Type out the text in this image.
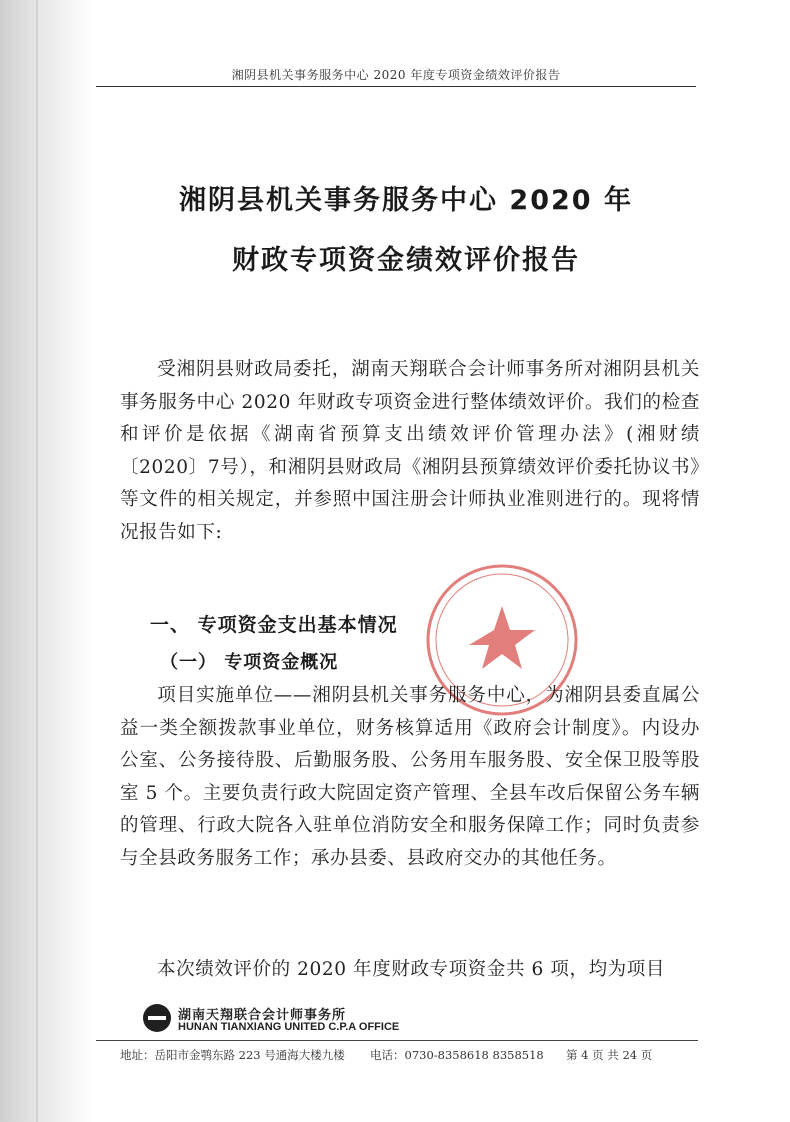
湘阴县机关事务服务中心 2020 年度专项资金绩效评价报告
湘阴县机关事务服务中心 2020 年
财政专项资金绩效评价报告
受湘阴县财政局委托，湖南天翔联合会计师事务所对湘阴县机关事务服务中心 2020 年财政专项资金进行整体绩效评价。我们的检查和评价是依据《湖南省预算支出绩效评价管理办法》(湘财绩〔2020〕7号），和湘阴县财政局《湘阴县预算绩效评价委托协议书》等文件的相关规定，并参照中国注册会计师执业准则进行的。现将情况报告如下:
一、 专项资金支出基本情况
（一） 专项资金概况
项目实施单位——湘阴县机关事务服务中心，为湘阴县委直属公益一类全额拨款事业单位，财务核算适用《政府会计制度》。内设办公室、公务接待股、后勤服务股、公务用车服务股、安全保卫股等股室 5 个。主要负责行政大院固定资产管理、全县车改后保留公务车辆的管理、行政大院各入驻单位消防安全和服务保障工作；同时负责参与全县政务服务工作；承办县委、县政府交办的其他任务。
本次绩效评价的 2020 年度财政专项资金共 6 项，均为项目
湖南天翔联合会计师事务所
HUNAN TIANXIANG UNITED C.P.A OFFICE
地址：岳阳市金鹗东路 223 号通海大楼九楼 电话：0730-8358618 8358518 第 4 页 共 24 页
